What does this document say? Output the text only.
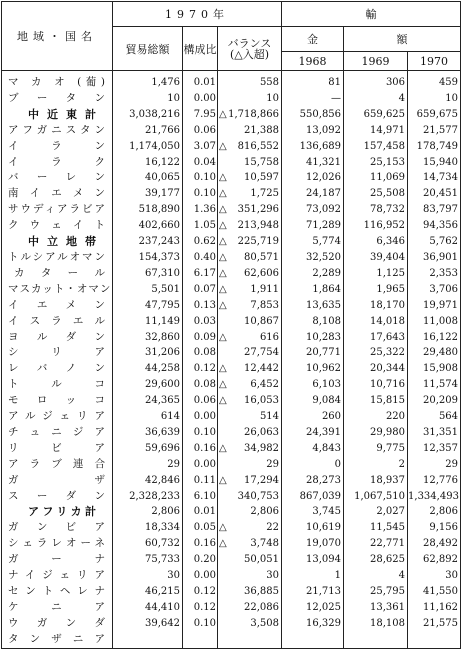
地域・国名	1970年			輸		
	貿易総額	構成比	バランス
(△入超)	金	額	
				1968	1969	1970
マ カ オ (葡)	1,476	0.01	558	81	306	459
ブ ー タ ン	10	0.00	10	—	4	10
中近東計	3,038,216	7.95	△ 1,718,866	550,856	659,625	659,675
アフガニスタン	21,766	0.06	21,388	13,092	14,971	21,577
イ ラ ン	1,174,050	3.07	△ 816,552	136,689	157,458	178,749
イ ラ ク	16,122	0.04	15,758	41,321	25,153	15,940
バ ー レ ン	40,065	0.10	△ 10,597	12,026	11,069	14,734
南 イ エ メ ン	39,177	0.10	△ 1,725	24,187	25,508	20,451
サウディアラビア	518,890	1.36	△ 351,296	73,092	78,732	83,797
ク ウ ェ イ ト	402,660	1.05	△ 213,948	71,289	116,952	94,356
中 立 地 帯	237,243	0.62	△ 225,719	5,774	6,346	5,762
トルシアルオマン	154,373	0.40	△ 80,571	32,520	39,404	36,901
カ タ ー ル	67,310	6.17	△ 62,606	2,289	1,125	2,353
マスカット・オマン	5,501	0.07	△ 1,911	1,864	1,965	3,706
イ エ メ ン	47,795	0.13	△ 7,853	13,635	18,170	19,971
イ ス ラ エ ル	11,149	0.03	10,867	8,108	14,018	11,008
ヨ ル ダ ン	32,860	0.09	△ 616	10,283	17,643	16,122
シ リ ア	31,206	0.08	27,754	20,771	25,322	29,480
レ バ ノ ン	44,258	0.12	△ 12,442	10,962	20,344	15,908
ト ル コ	29,600	0.08	△ 6,452	6,103	10,716	11,574
モ ロ ッ コ	24,365	0.06	△ 16,053	9,084	15,815	20,209
アルジェリア	614	0.00	514	260	220	564
チ ュ ニ ジ ア	36,639	0.10	26,063	24,391	29,980	31,351
リ ビ ア	59,696	0.16	△ 34,982	4,843	9,775	12,357
アラブ連合	29	0.00	29	0	2	29
ガ ザ	42,846	0.11	△ 17,294	28,273	18,937	12,776
ス ー ダ ン	2,328,233	6.10	340,753	867,039	1,067,510	1,334,493
アフリカ計	2,806	0.01	2,806	3,745	2,027	2,806
ガ ン ビ ア	18,334	0.05	△ 22	10,619	11,545	9,156
シェラレオーネ	60,732	0.16	△ 3,748	19,070	22,771	28,492
ガ ー ナ	75,733	0.20	50,051	13,094	28,625	62,892
ナイジェリア	30	0.00	30	1	4	30
セントヘレナ	46,215	0.12	36,885	21,713	25,795	41,550
ケ ニ ア	44,410	0.12	22,086	12,025	13,361	11,162
ウ ガ ン ダ	39,642	0.10	3,508	16,329	18,108	21,575
タ ン ザ ニ ア						
